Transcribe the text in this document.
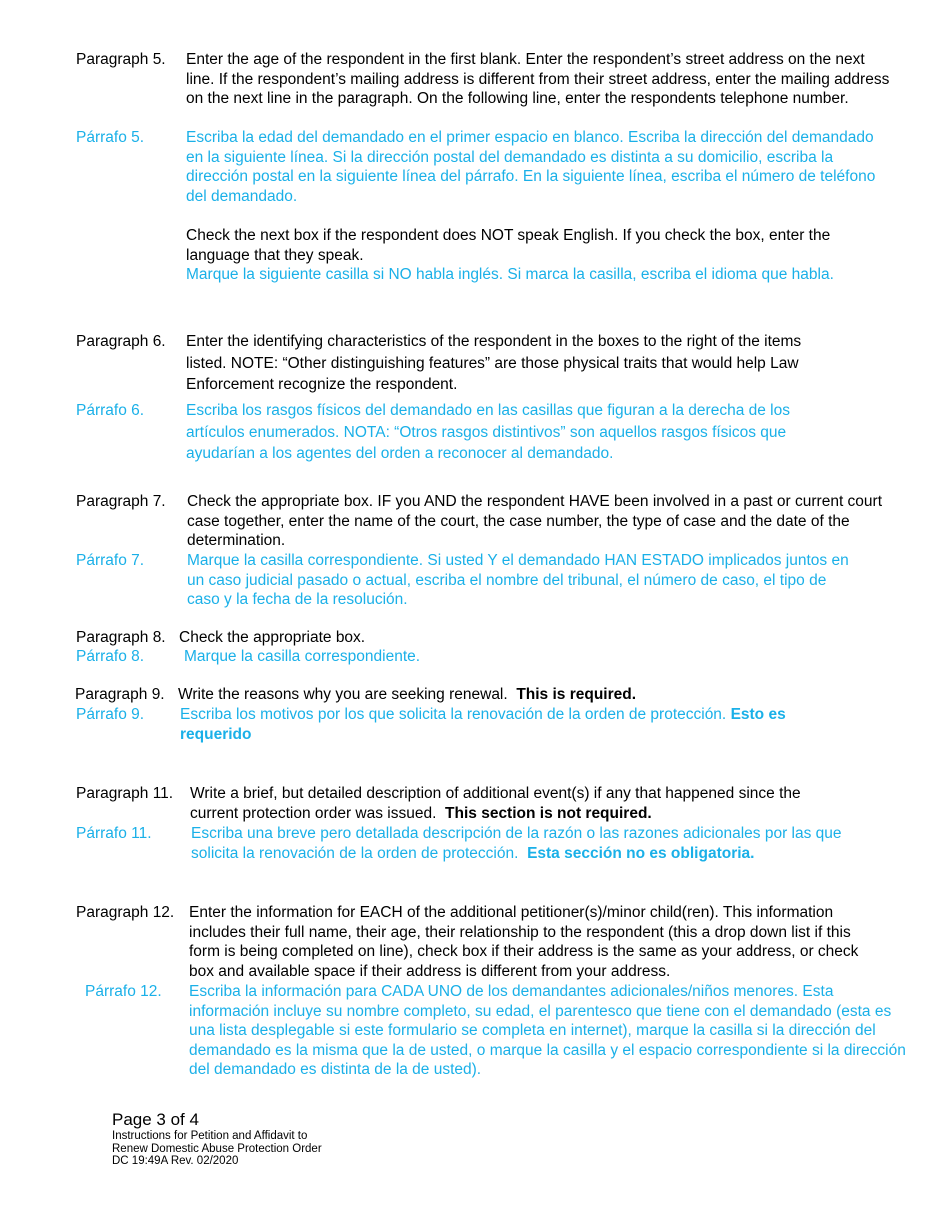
Paragraph 5. Enter the age of the respondent in the first blank. Enter the respondent’s street address on the next line. If the respondent’s mailing address is different from their street address, enter the mailing address on the next line in the paragraph. On the following line, enter the respondents telephone number.
Párrafo 5.	Escriba la edad del demandado en el primer espacio en blanco. Escriba la dirección del demandado en la siguiente línea. Si la dirección postal del demandado es distinta a su domicilio, escriba la dirección postal en la siguiente línea del párrafo. En la siguiente línea, escriba el número de teléfono del demandado.
Check the next box if the respondent does NOT speak English. If you check the box, enter the language that they speak.
Marque la siguiente casilla si NO habla inglés. Si marca la casilla, escriba el idioma que habla.
Paragraph 6. Enter the identifying characteristics of the respondent in the boxes to the right of the items listed. NOTE: “Other distinguishing features” are those physical traits that would help Law Enforcement recognize the respondent.
Párrafo 6.	Escriba los rasgos físicos del demandado en las casillas que figuran a la derecha de los artículos enumerados. NOTA: “Otros rasgos distintivos” son aquellos rasgos físicos que ayudarían a los agentes del orden a reconocer al demandado.
Paragraph 7. Check the appropriate box. IF you AND the respondent HAVE been involved in a past or current court case together, enter the name of the court, the case number, the type of case and the date of the determination.
Párrafo 7.	Marque la casilla correspondiente. Si usted Y el demandado HAN ESTADO implicados juntos en un caso judicial pasado o actual, escriba el nombre del tribunal, el número de caso, el tipo de caso y la fecha de la resolución.
Paragraph 8. Check the appropriate box.
Párrafo 8.	Marque la casilla correspondiente.
Paragraph 9. Write the reasons why you are seeking renewal. This is required.
Párrafo 9. Escriba los motivos por los que solicita la renovación de la orden de protección. Esto es requerido
Paragraph 11. Write a brief, but detailed description of additional event(s) if any that happened since the current protection order was issued. This section is not required.
Párrafo 11.	Escriba una breve pero detallada descripción de la razón o las razones adicionales por las que solicita la renovación de la orden de protección. Esta sección no es obligatoria.
Paragraph 12. Enter the information for EACH of the additional petitioner(s)/minor child(ren). This information includes their full name, their age, their relationship to the respondent (this a drop down list if this form is being completed on line), check box if their address is the same as your address, or check box and available space if their address is different from your address.
Párrafo 12. Escriba la información para CADA UNO de los demandantes adicionales/niños menores. Esta información incluye su nombre completo, su edad, el parentesco que tiene con el demandado (esta es una lista desplegable si este formulario se completa en internet), marque la casilla si la dirección del demandado es la misma que la de usted, o marque la casilla y el espacio correspondiente si la dirección del demandado es distinta de la de usted).
Page 3 of 4
Instructions for Petition and Affidavit to
Renew Domestic Abuse Protection Order
DC 19:49A Rev. 02/2020
